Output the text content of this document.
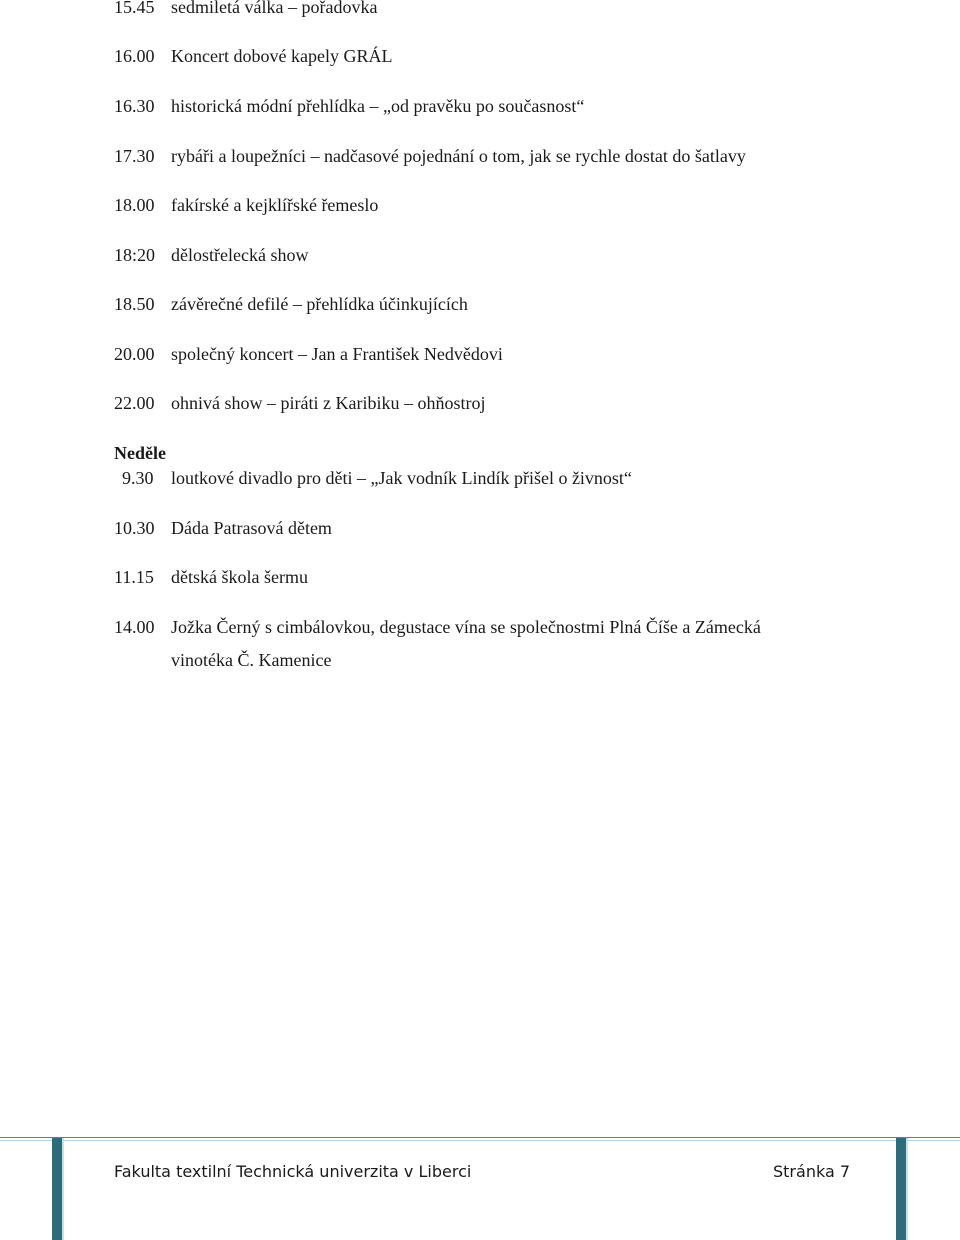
15.45 sedmiletá válka – pořadovka
16.00 Koncert dobové kapely GRÁL
16.30 historická módní přehlídka – „od pravěku po současnost“
17.30 rybáři a loupežníci – nadčasové pojednání o tom, jak se rychle dostat do šatlavy
18.00 fakírské a kejklířské řemeslo
18:20 dělostřelecká show
18.50 závěrečné defilé – přehlídka účinkujících
20.00 společný koncert – Jan a František Nedvědovi
22.00 ohnivá show – piráti z Karibiku – ohňostroj
Neděle
9.30 loutkové divadlo pro děti – „Jak vodník Lindík přišel o živnost“
10.30 Dáda Patrasová dětem
11.15 dětská škola šermu
14.00 Jožka Černý s cimbálovkou, degustace vína se společnostmi Plná Číše a Zámecká
vinotéka Č. Kamenice
Fakulta textilní Technická univerzita v Liberci	Stránka 7
